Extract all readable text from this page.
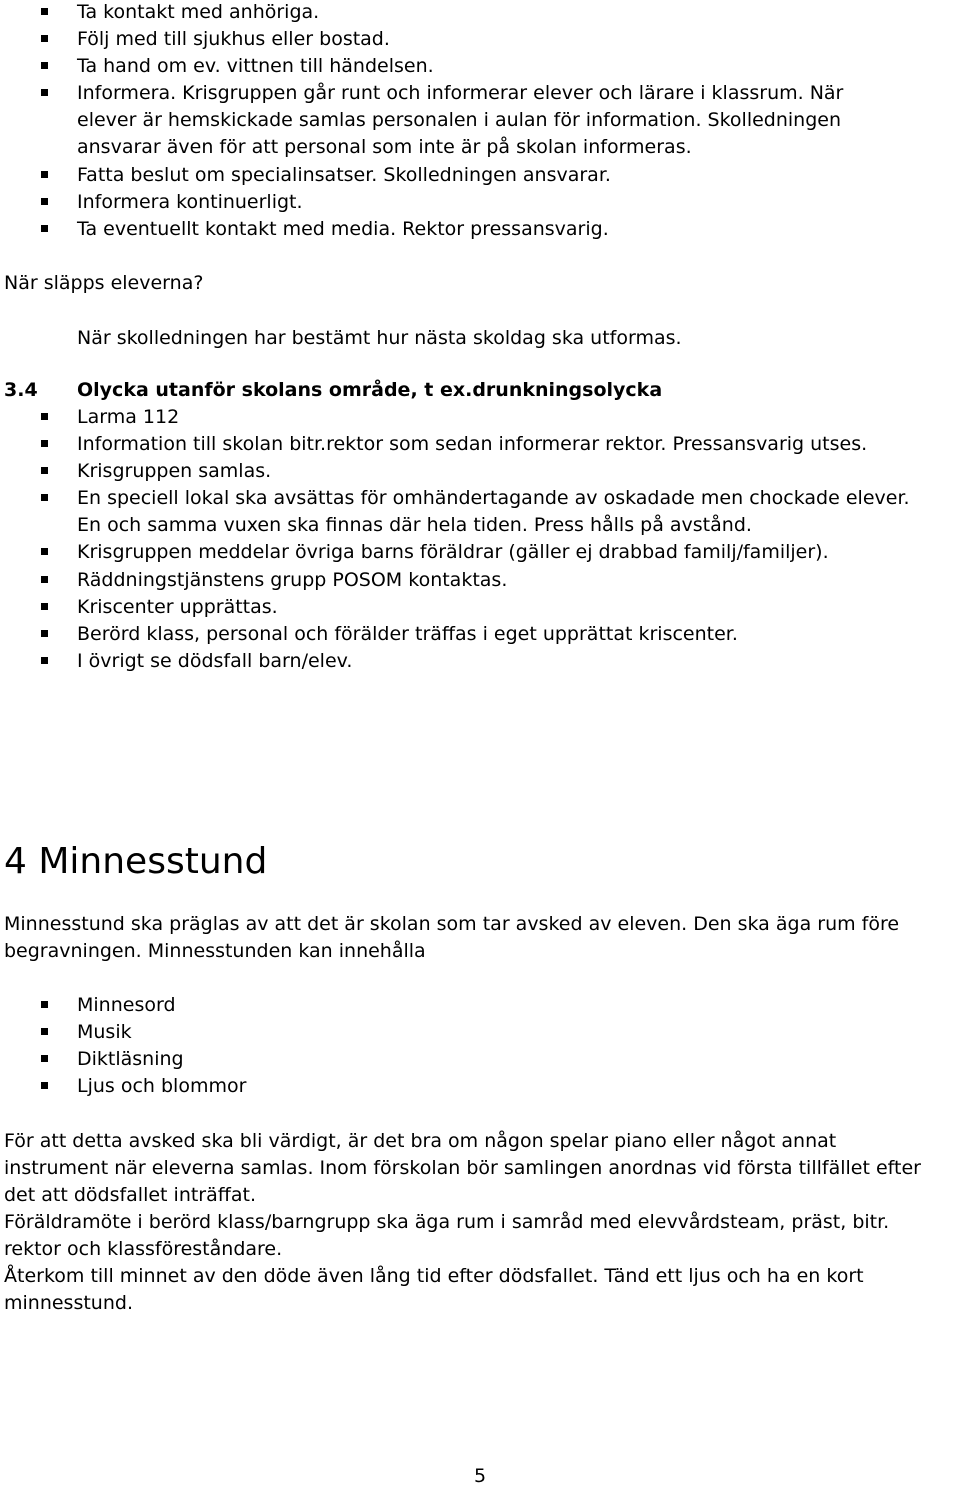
Ta kontakt med anhöriga.
Följ med till sjukhus eller bostad.
Ta hand om ev. vittnen till händelsen.
Informera. Krisgruppen går runt och informerar elever och lärare i klassrum. När elever är hemskickade samlas personalen i aulan för information. Skolledningen ansvarar även för att personal som inte är på skolan informeras.
Fatta beslut om specialinsatser. Skolledningen ansvarar.
Informera kontinuerligt.
Ta eventuellt kontakt med media. Rektor pressansvarig.
När släpps eleverna?
När skolledningen har bestämt hur nästa skoldag ska utformas.
3.4 Olycka utanför skolans område, t ex.drunkningsolycka
Larma 112
Information till skolan bitr.rektor som sedan informerar rektor. Pressansvarig utses.
Krisgruppen samlas.
En speciell lokal ska avsättas för omhändertagande av oskadade men chockade elever. En och samma vuxen ska finnas där hela tiden. Press hålls på avstånd.
Krisgruppen meddelar övriga barns föräldrar (gäller ej drabbad familj/familjer).
Räddningstjänstens grupp POSOM kontaktas.
Kriscenter upprättas.
Berörd klass, personal och förälder träffas i eget upprättat kriscenter.
I övrigt se dödsfall barn/elev.
4 Minnesstund

Minnesstund ska präglas av att det är skolan som tar avsked av eleven. Den ska äga rum före begravningen. Minnesstunden kan innehålla

Minnesord
Musik
Diktläsning
Ljus och blommor

För att detta avsked ska bli värdigt, är det bra om någon spelar piano eller något annat instrument när eleverna samlas. Inom förskolan bör samlingen anordnas vid första tillfället efter det att dödsfallet inträffat.

Föräldramöte i berörd klass/barngrupp ska äga rum i samråd med elevvårdsteam, präst, bitr. rektor och klassföreståndare.

Återkom till minnet av den döde även lång tid efter dödsfallet. Tänd ett ljus och ha en kort minnesstund.

5
